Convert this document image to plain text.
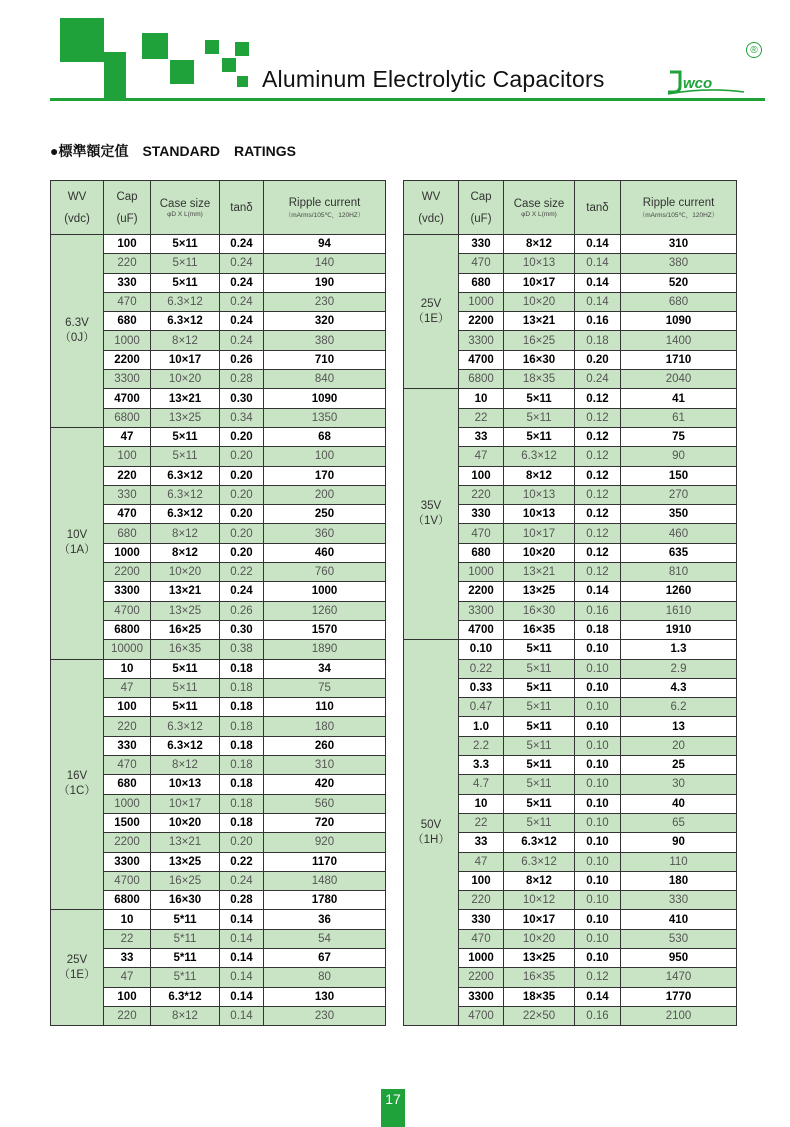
Aluminum Electrolytic Capacitors
®
wco
●標準額定值　STANDARD　RATINGS
WV
(vdc)	Cap
(uF)	Case size
φD X L(mm)	tanδ	Ripple current
（mArms/105℃，120HZ）

6.3V
（0J）	100	5×11	0.24	94
	220	5×11	0.24	140
	330	5×11	0.24	190
	470	6.3×12	0.24	230
	680	6.3×12	0.24	320
	1000	8×12	0.24	380
	2200	10×17	0.26	710
	3300	10×20	0.28	840
	4700	13×21	0.30	1090
	6800	13×25	0.34	1350

10V
（1A）	47	5×11	0.20	68
	100	5×11	0.20	100
	220	6.3×12	0.20	170
	330	6.3×12	0.20	200
	470	6.3×12	0.20	250
	680	8×12	0.20	360
	1000	8×12	0.20	460
	2200	10×20	0.22	760
	3300	13×21	0.24	1000
	4700	13×25	0.26	1260
	6800	16×25	0.30	1570
	10000	16×35	0.38	1890

16V
（1C）	10	5×11	0.18	34
	47	5×11	0.18	75
	100	5×11	0.18	110
	220	6.3×12	0.18	180
	330	6.3×12	0.18	260
	470	8×12	0.18	310
	680	10×13	0.18	420
	1000	10×17	0.18	560
	1500	10×20	0.18	720
	2200	13×21	0.20	920
	3300	13×25	0.22	1170
	4700	16×25	0.24	1480
	6800	16×30	0.28	1780

25V
（1E）	10	5*11	0.14	36
	22	5*11	0.14	54
	33	5*11	0.14	67
	47	5*11	0.14	80
	100	6.3*12	0.14	130
	220	8×12	0.14	230
WV
(vdc)	Cap
(uF)	Case size
φD X L(mm)	tanδ	Ripple current
（mArms/105℃，120HZ）

25V
（1E）	330	8×12	0.14	310
	470	10×13	0.14	380
	680	10×17	0.14	520
	1000	10×20	0.14	680
	2200	13×21	0.16	1090
	3300	16×25	0.18	1400
	4700	16×30	0.20	1710
	6800	18×35	0.24	2040

35V
（1V）	10	5×11	0.12	41
	22	5×11	0.12	61
	33	5×11	0.12	75
	47	6.3×12	0.12	90
	100	8×12	0.12	150
	220	10×13	0.12	270
	330	10×13	0.12	350
	470	10×17	0.12	460
	680	10×20	0.12	635
	1000	13×21	0.12	810
	2200	13×25	0.14	1260
	3300	16×30	0.16	1610
	4700	16×35	0.18	1910

50V
（1H）	0.10	5×11	0.10	1.3
	0.22	5×11	0.10	2.9
	0.33	5×11	0.10	4.3
	0.47	5×11	0.10	6.2
	1.0	5×11	0.10	13
	2.2	5×11	0.10	20
	3.3	5×11	0.10	25
	4.7	5×11	0.10	30
	10	5×11	0.10	40
	22	5×11	0.10	65
	33	6.3×12	0.10	90
	47	6.3×12	0.10	110
	100	8×12	0.10	180
	220	10×12	0.10	330
	330	10×17	0.10	410
	470	10×20	0.10	530
	1000	13×25	0.10	950
	2200	16×35	0.12	1470
	3300	18×35	0.14	1770
	4700	22×50	0.16	2100
17
